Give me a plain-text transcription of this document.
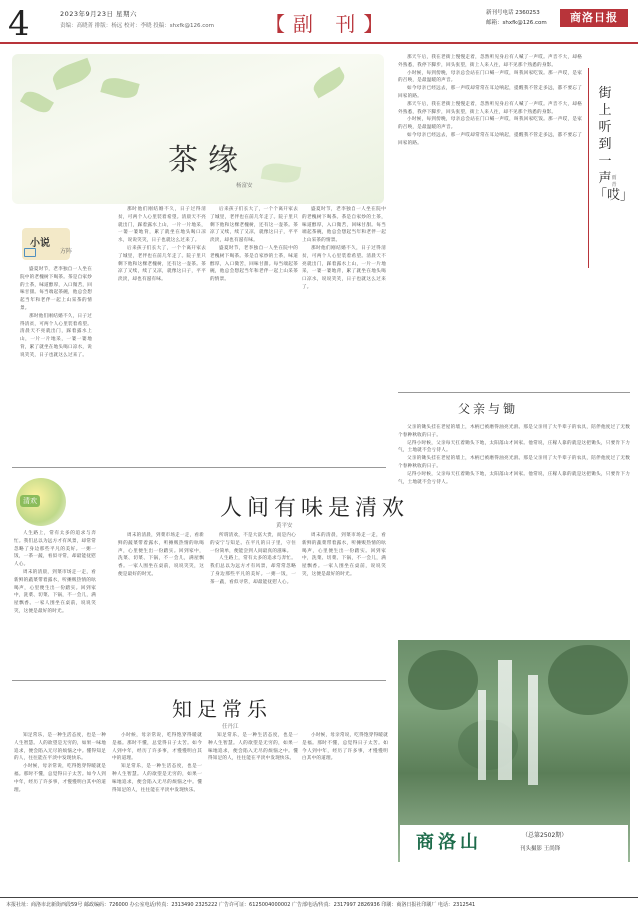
4	2023年9月23日 星期六
责编：高晓菁 排版：杨远 校对：李晓 投稿：shxfk@126.com	【副 刊】	新刊号电话 2360253
邮箱：shxfk@126.com	商洛日报
茶缘
杨富安
小说
方阵

盛夏时节，老李独自一人坐在院中的老槐树下喝茶。茶是自家炒的土茶，味道醇厚，入口微苦，回味甘甜。每当端起茶碗，他总会想起当年和老伴一起上山采茶的情景。

那时他们刚结婚不久，日子过得清贫，可两个人心里装着希望。清晨天不亮就出门，踩着露水上山，一片一片地采，一篓一篓地背，累了就坐在地头喝口凉水，说说笑笑，日子也就这么过来了。

那时他们刚结婚不久，日子过得清贫，可两个人心里装着希望。清晨天不亮就出门，踩着露水上山，一片一片地采，一篓一篓地背，累了就坐在地头喝口凉水，说说笑笑，日子也就这么过来了。

后来孩子们长大了，一个个离开家去了城里，老伴也在前几年走了。院子里只剩下他和这棵老槐树，还有这一壶茶。茶凉了又续，续了又凉，就像这日子，平平淡淡，却也有滋有味。

后来孩子们长大了，一个个离开家去了城里，老伴也在前几年走了。院子里只剩下他和这棵老槐树，还有这一壶茶。茶凉了又续，续了又凉，就像这日子，平平淡淡，却也有滋有味。

盛夏时节，老李独自一人坐在院中的老槐树下喝茶。茶是自家炒的土茶，味道醇厚，入口微苦，回味甘甜。每当端起茶碗，他总会想起当年和老伴一起上山采茶的情景。

盛夏时节，老李独自一人坐在院中的老槐树下喝茶。茶是自家炒的土茶，味道醇厚，入口微苦，回味甘甜。每当端起茶碗，他总会想起当年和老伴一起上山采茶的情景。

那时他们刚结婚不久，日子过得清贫，可两个人心里装着希望。清晨天不亮就出门，踩着露水上山，一片一片地采，一篓一篓地背，累了就坐在地头喝口凉水，说说笑笑，日子也就这么过来了。

清欢	人间有味是清欢
黄平安

人生路上，常有太多的追求与奔忙。我们总以为远方才有风景，却常常忽略了身边那些平凡的美好。一粥一饭，一茶一蔬，看似寻常，却最能抚慰人心。

周末的清晨，到菜市场走一走，看新鲜的蔬菜带着露水，听摊贩热情的吆喝声，心里便生出一份踏实。回到家中，洗菜、切菜、下锅，不一会儿，满屋飘香。一家人围坐在桌前，说说笑笑，这便是最好的时光。

周末的清晨，到菜市场走一走，看新鲜的蔬菜带着露水，听摊贩热情的吆喝声，心里便生出一份踏实。回到家中，洗菜、切菜、下锅，不一会儿，满屋飘香。一家人围坐在桌前，说说笑笑，这便是最好的时光。

所谓清欢，不是大富大贵，而是内心的安宁与知足。在平凡的日子里，守住一份简单，便能尝到人间最真的滋味。

人生路上，常有太多的追求与奔忙。我们总以为远方才有风景，却常常忽略了身边那些平凡的美好。一粥一饭，一茶一蔬，看似寻常，却最能抚慰人心。

周末的清晨，到菜市场走一走，看新鲜的蔬菜带着露水，听摊贩热情的吆喝声，心里便生出一份踏实。回到家中，洗菜、切菜、下锅，不一会儿，满屋飘香。一家人围坐在桌前，说说笑笑，这便是最好的时光。

知足常乐
任丹江

知足常乐，是一种生活态度，也是一种人生智慧。人的欲望是无穷的，如果一味地追求，便会陷入无尽的烦恼之中。懂得知足的人，往往能在平淡中发现快乐。

小时候，母亲常说，吃得饱穿得暖就是福。那时不懂，总觉得日子太苦。如今人到中年，经历了许多事，才慢慢明白其中的道理。

小时候，母亲常说，吃得饱穿得暖就是福。那时不懂，总觉得日子太苦。如今人到中年，经历了许多事，才慢慢明白其中的道理。

知足常乐，是一种生活态度，也是一种人生智慧。人的欲望是无穷的，如果一味地追求，便会陷入无尽的烦恼之中。懂得知足的人，往往能在平淡中发现快乐。

知足常乐，是一种生活态度，也是一种人生智慧。人的欲望是无穷的，如果一味地追求，便会陷入无尽的烦恼之中。懂得知足的人，往往能在平淡中发现快乐。

小时候，母亲常说，吃得饱穿得暖就是福。那时不懂，总觉得日子太苦。如今人到中年，经历了许多事，才慢慢明白其中的道理。

那天午后，我在老街上慢慢走着，忽然听见身后有人喊了一声哎。声音不大，却格外熟悉，我停下脚步，回头张望，街上人来人往，却不见那个熟悉的身影。

小时候，每到傍晚，母亲总会站在门口喊一声哎，叫我回家吃饭。那一声哎，是家的召唤，是最温暖的声音。

如今母亲已经远去，那一声哎却常常在耳边响起，提醒我不管走多远，都不要忘了回家的路。

那天午后，我在老街上慢慢走着，忽然听见身后有人喊了一声哎。声音不大，却格外熟悉，我停下脚步，回头张望，街上人来人往，却不见那个熟悉的身影。

小时候，每到傍晚，母亲总会站在门口喊一声哎，叫我回家吃饭。那一声哎，是家的召唤，是最温暖的声音。

如今母亲已经远去，那一声哎却常常在耳边响起，提醒我不管走多远，都不要忘了回家的路。

街上听到一声「哎」
雨青
父亲与锄

父亲的锄头挂在老屋的墙上，木柄已被磨得油亮光滑。那是父亲用了大半辈子的农具，陪伴他度过了无数个春种秋收的日子。

记得小时候，父亲每天扛着锄头下地，太阳落山才回家。他常说，庄稼人靠的就是这把锄头，只要肯下力气，土地就不会亏待人。

父亲的锄头挂在老屋的墙上，木柄已被磨得油亮光滑。那是父亲用了大半辈子的农具，陪伴他度过了无数个春种秋收的日子。

记得小时候，父亲每天扛着锄头下地，太阳落山才回家。他常说，庄稼人靠的就是这把锄头，只要肯下力气，土地就不会亏待人。

商洛山	（总第2502期）
刊头摄影 王尚锋
本报社址：商洛市北新街西段59号 邮政编码：726000 办公室电话/传真：2313490 2325222 广告许可证：6125004000002 广告部电话/传真：2317997 2826936 印刷：商洛日报社印刷厂 电话：2312541
